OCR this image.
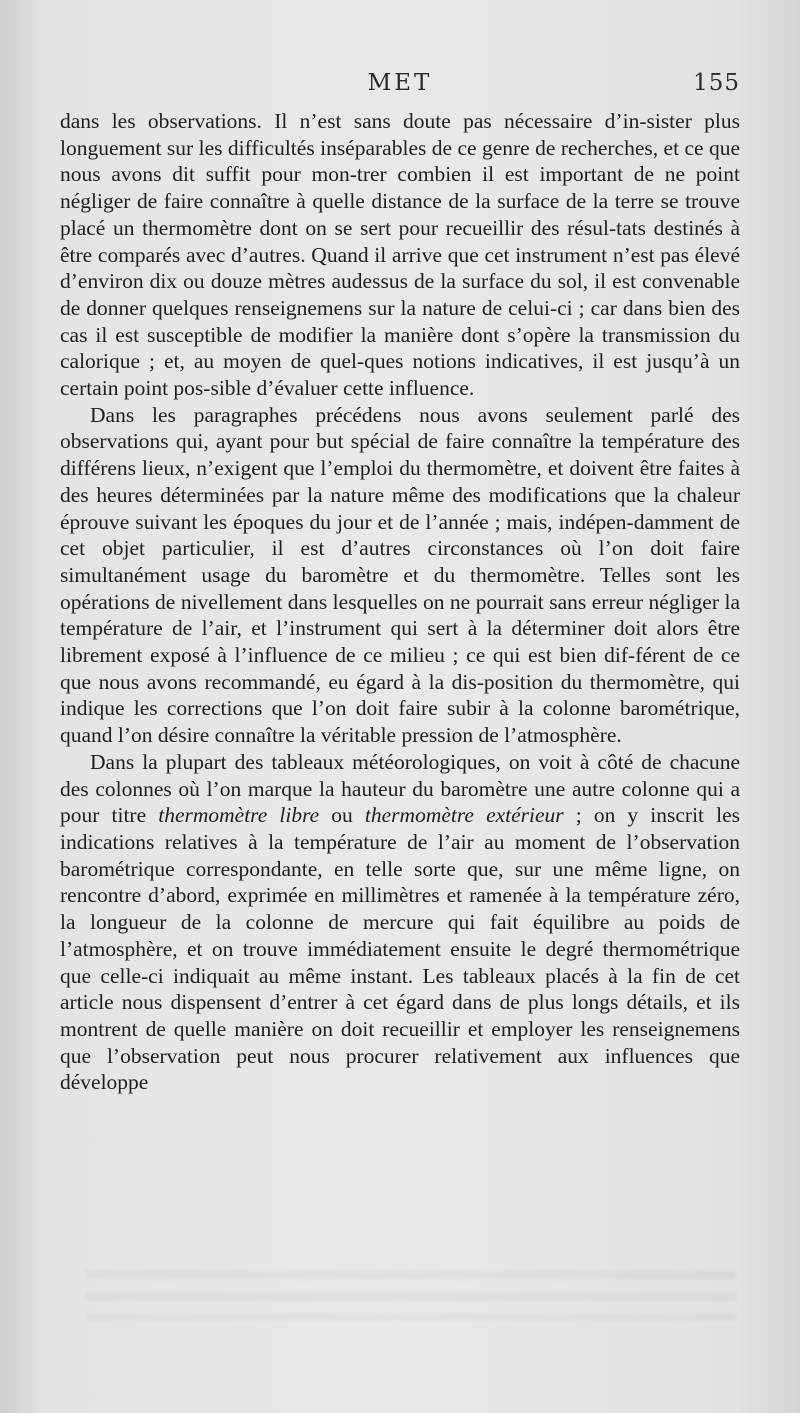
MET	155

dans les observations. Il n’est sans doute pas nécessaire d’in-sister plus longuement sur les difficultés inséparables de ce genre de recherches, et ce que nous avons dit suffit pour mon-trer combien il est important de ne point négliger de faire connaître à quelle distance de la surface de la terre se trouve placé un thermomètre dont on se sert pour recueillir des résul-tats destinés à être comparés avec d’autres. Quand il arrive que cet instrument n’est pas élevé d’environ dix ou douze mètres audessus de la surface du sol, il est convenable de donner quelques renseignemens sur la nature de celui-ci ; car dans bien des cas il est susceptible de modifier la manière dont s’opère la transmission du calorique ; et, au moyen de quel-ques notions indicatives, il est jusqu’à un certain point pos-sible d’évaluer cette influence.

Dans les paragraphes précédens nous avons seulement parlé des observations qui, ayant pour but spécial de faire connaître la température des différens lieux, n’exigent que l’emploi du thermomètre, et doivent être faites à des heures déterminées par la nature même des modifications que la chaleur éprouve suivant les époques du jour et de l’année ; mais, indépen-damment de cet objet particulier, il est d’autres circonstances où l’on doit faire simultanément usage du baromètre et du thermomètre. Telles sont les opérations de nivellement dans lesquelles on ne pourrait sans erreur négliger la température de l’air, et l’instrument qui sert à la déterminer doit alors être librement exposé à l’influence de ce milieu ; ce qui est bien dif-férent de ce que nous avons recommandé, eu égard à la dis-position du thermomètre, qui indique les corrections que l’on doit faire subir à la colonne barométrique, quand l’on désire connaître la véritable pression de l’atmosphère.

Dans la plupart des tableaux météorologiques, on voit à côté de chacune des colonnes où l’on marque la hauteur du baromètre une autre colonne qui a pour titre thermomètre libre ou thermomètre extérieur ; on y inscrit les indications relatives à la température de l’air au moment de l’observation barométrique correspondante, en telle sorte que, sur une même ligne, on rencontre d’abord, exprimée en millimètres et ramenée à la température zéro, la longueur de la colonne de mercure qui fait équilibre au poids de l’atmosphère, et on trouve immédiatement ensuite le degré thermométrique que celle-ci indiquait au même instant. Les tableaux placés à la fin de cet article nous dispensent d’entrer à cet égard dans de plus longs détails, et ils montrent de quelle manière on doit recueillir et employer les renseignemens que l’observation peut nous procurer relativement aux influences que développe
